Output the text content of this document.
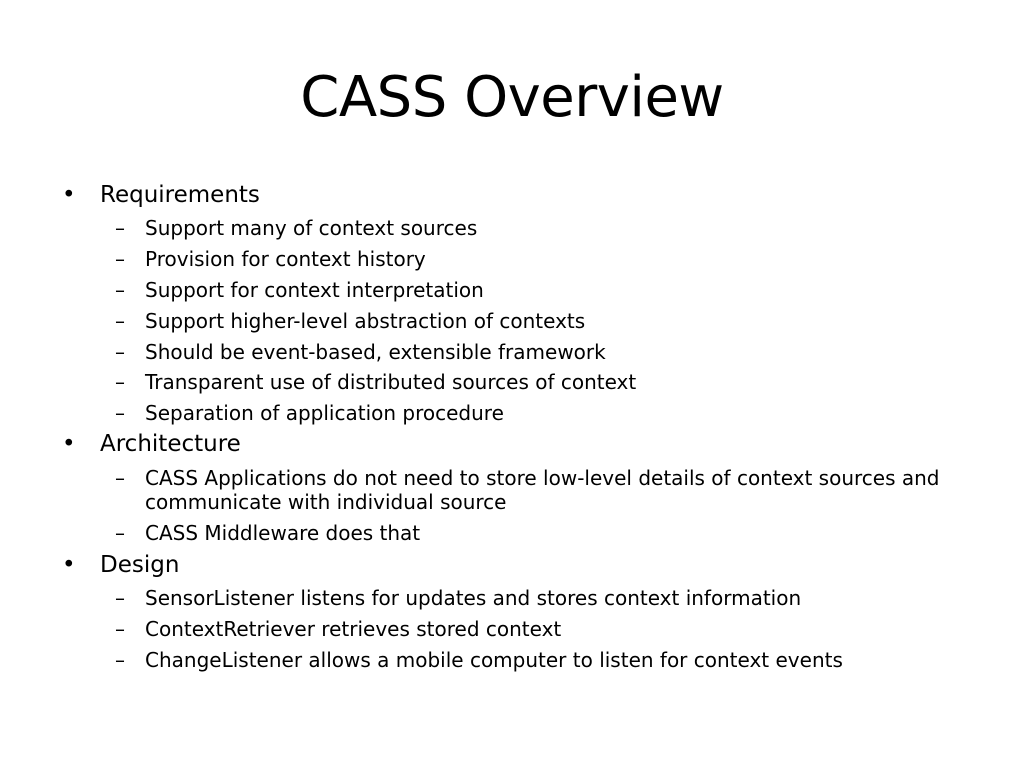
CASS Overview
• Requirements
–	Support many of context sources
–	Provision for context history
–	Support for context interpretation
–	Support higher-level abstraction of contexts
–	Should be event-based, extensible framework
–	Transparent use of distributed sources of context
–	Separation of application procedure
• Architecture
–	CASS Applications do not need to store low-level details of context sources and communicate with individual source
–	CASS Middleware does that
• Design
–	SensorListener listens for updates and stores context information
–	ContextRetriever retrieves stored context
–	ChangeListener allows a mobile computer to listen for context events
